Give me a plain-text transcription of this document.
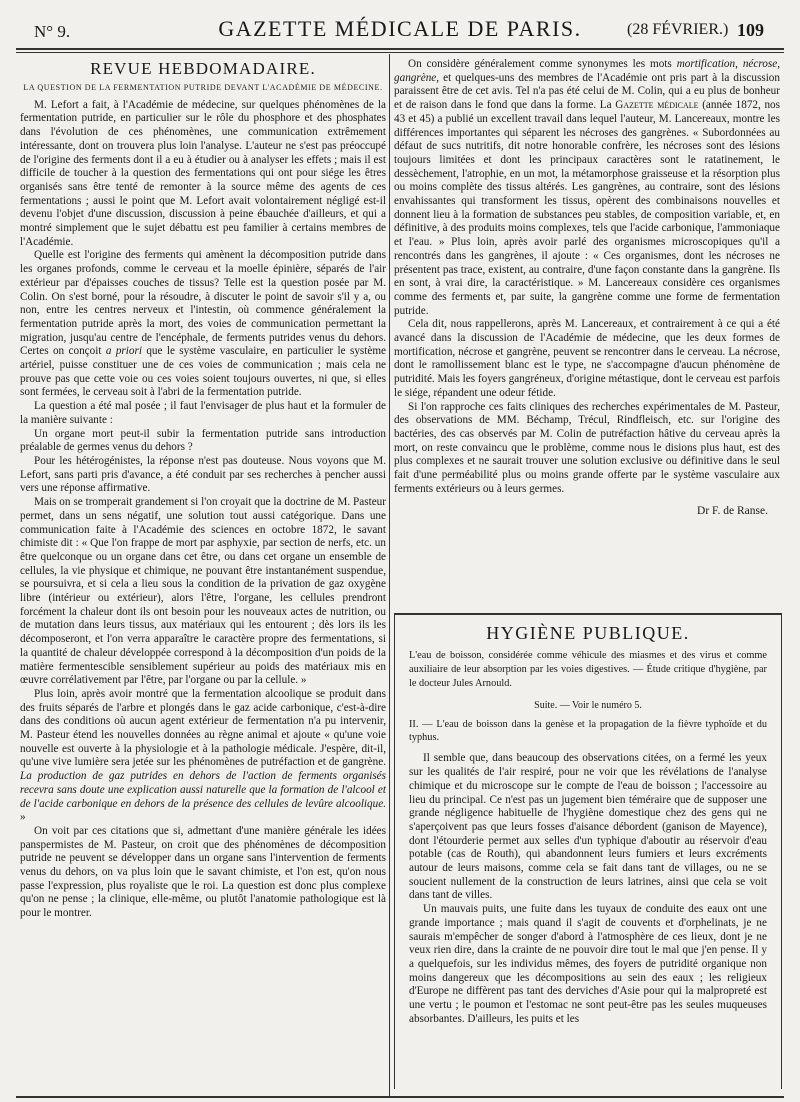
N° 9.	GAZETTE MÉDICALE DE PARIS.	(28 FÉVRIER.) 109
REVUE HEBDOMADAIRE.
LA QUESTION DE LA FERMENTATION PUTRIDE DEVANT L'ACADÉMIE DE MÉDECINE.

M. Lefort a fait, à l'Académie de médecine, sur quelques phénomènes de la fermentation putride, en particulier sur le rôle du phosphore et des phosphates dans l'évolution de ces phénomènes, une communication extrêmement intéressante, dont on trouvera plus loin l'analyse. L'auteur ne s'est pas préoccupé de l'origine des ferments dont il a eu à étudier ou à analyser les effets ; mais il est difficile de toucher à la question des fermentations qui ont pour siége les êtres organisés sans être tenté de remonter à la source même des agents de ces fermentations ; aussi le point que M. Lefort avait volontairement négligé est-il devenu l'objet d'une discussion, discussion à peine ébauchée d'ailleurs, et qui a montré simplement que le sujet débattu est peu familier à certains membres de l'Académie.

Quelle est l'origine des ferments qui amènent la décomposition putride dans les organes profonds, comme le cerveau et la moelle épinière, séparés de l'air extérieur par d'épaisses couches de tissus? Telle est la question posée par M. Colin. On s'est borné, pour la résoudre, à discuter le point de savoir s'il y a, ou non, entre les centres nerveux et l'intestin, où commence généralement la fermentation putride après la mort, des voies de communication permettant la migration, jusqu'au centre de l'encéphale, de ferments putrides venus du dehors. Certes on conçoit a priori que le système vasculaire, en particulier le système artériel, puisse constituer une de ces voies de communication ; mais cela ne prouve pas que cette voie ou ces voies soient toujours ouvertes, ni que, si elles sont fermées, le cerveau soit à l'abri de la fermentation putride.

La question a été mal posée ; il faut l'envisager de plus haut et la formuler de la manière suivante :

Un organe mort peut-il subir la fermentation putride sans introduction préalable de germes venus du dehors ?

Pour les hétérogénistes, la réponse n'est pas douteuse. Nous voyons que M. Lefort, sans parti pris d'avance, a été conduit par ses recherches à pencher aussi vers une réponse affirmative.

Mais on se tromperait grandement si l'on croyait que la doctrine de M. Pasteur permet, dans un sens négatif, une solution tout aussi catégorique. Dans une communication faite à l'Académie des sciences en octobre 1872, le savant chimiste dit : « Que l'on frappe de mort par asphyxie, par section de nerfs, etc. un être quelconque ou un organe dans cet être, ou dans cet organe un ensemble de cellules, la vie physique et chimique, ne pouvant être instantanément suspendue, se poursuivra, et si cela a lieu sous la condition de la privation de gaz oxygène libre (intérieur ou extérieur), alors l'être, l'organe, les cellules prendront forcément la chaleur dont ils ont besoin pour les nouveaux actes de nutrition, ou de mutation dans leurs tissus, aux matériaux qui les entourent ; dès lors ils les décomposeront, et l'on verra apparaître le caractère propre des fermentations, si la quantité de chaleur développée correspond à la décomposition d'un poids de la matière fermentescible sensiblement supérieur au poids des matériaux mis en œuvre corrélativement par l'être, par l'organe ou par la cellule. »

Plus loin, après avoir montré que la fermentation alcoolique se produit dans des fruits séparés de l'arbre et plongés dans le gaz acide carbonique, c'est-à-dire dans des conditions où aucun agent extérieur de fermentation n'a pu intervenir, M. Pasteur étend les nouvelles données au règne animal et ajoute « qu'une voie nouvelle est ouverte à la physiologie et à la pathologie médicale. J'espère, dit-il, qu'une vive lumière sera jetée sur les phénomènes de putréfaction et de gangrène. La production de gaz putrides en dehors de l'action de ferments organisés recevra sans doute une explication aussi naturelle que la formation de l'alcool et de l'acide carbonique en dehors de la présence des cellules de levûre alcoolique. »

On voit par ces citations que si, admettant d'une manière générale les idées panspermistes de M. Pasteur, on croit que des phénomènes de décomposition putride ne peuvent se développer dans un organe sans l'intervention de ferments venus du dehors, on va plus loin que le savant chimiste, et l'on est, qu'on nous passe l'expression, plus royaliste que le roi. La question est donc plus complexe qu'on ne pense ; la clinique, elle-même, ou plutôt l'anatomie pathologique est là pour le montrer.

On considère généralement comme synonymes les mots mortification, nécrose, gangrène, et quelques-uns des membres de l'Académie ont pris part à la discussion paraissent être de cet avis. Tel n'a pas été celui de M. Colin, qui a eu plus de bonheur et de raison dans le fond que dans la forme. La Gazette médicale (année 1872, nos 43 et 45) a publié un excellent travail dans lequel l'auteur, M. Lancereaux, montre les différences importantes qui séparent les nécroses des gangrènes. « Subordonnées au défaut de sucs nutritifs, dit notre honorable confrère, les nécroses sont des lésions toujours limitées et dont les principaux caractères sont le ratatinement, le dessèchement, l'atrophie, en un mot, la métamorphose graisseuse et la résorption plus ou moins complète des tissus altérés. Les gangrènes, au contraire, sont des lésions envahissantes qui transforment les tissus, opèrent des combinaisons nouvelles et donnent lieu à la formation de substances peu stables, de composition variable, et, en définitive, à des produits moins complexes, tels que l'acide carbonique, l'ammoniaque et l'eau. » Plus loin, après avoir parlé des organismes microscopiques qu'il a rencontrés dans les gangrènes, il ajoute : « Ces organismes, dont les nécroses ne présentent pas trace, existent, au contraire, d'une façon constante dans la gangrène. Ils en sont, à vrai dire, la caractéristique. » M. Lancereaux considère ces organismes comme des ferments et, par suite, la gangrène comme une forme de fermentation putride.

Cela dit, nous rappellerons, après M. Lancereaux, et contrairement à ce qui a été avancé dans la discussion de l'Académie de médecine, que les deux formes de mortification, nécrose et gangrène, peuvent se rencontrer dans le cerveau. La nécrose, dont le ramollissement blanc est le type, ne s'accompagne d'aucun phénomène de putridité. Mais les foyers gangréneux, d'origine métastique, dont le cerveau est parfois le siége, répandent une odeur fétide.

Si l'on rapproche ces faits cliniques des recherches expérimentales de M. Pasteur, des observations de MM. Béchamp, Trécul, Rindfleisch, etc. sur l'origine des bactéries, des cas observés par M. Colin de putréfaction hâtive du cerveau après la mort, on reste convaincu que le problème, comme nous le disions plus haut, est des plus complexes et ne saurait trouver une solution exclusive ou définitive dans le seul fait d'une perméabilité plus ou moins grande offerte par le système vasculaire aux ferments extérieurs ou à leurs germes.

Dr F. de Ranse.
HYGIÈNE PUBLIQUE.
L'eau de boisson, considérée comme véhicule des miasmes et des virus et comme auxiliaire de leur absorption par les voies digestives. — Étude critique d'hygiène, par le docteur Jules Arnould.
Suite. — Voir le numéro 5.
II. — L'eau de boisson dans la genèse et la propagation de la fièvre typhoïde et du typhus.

Il semble que, dans beaucoup des observations citées, on a fermé les yeux sur les qualités de l'air respiré, pour ne voir que les révélations de l'analyse chimique et du microscope sur le compte de l'eau de boisson ; l'accessoire au lieu du principal. Ce n'est pas un jugement bien téméraire que de supposer une grande négligence habituelle de l'hygiène domestique chez des gens qui ne s'aperçoivent pas que leurs fosses d'aisance débordent (ganison de Mayence), dont l'étourderie permet aux selles d'un typhique d'aboutir au réservoir d'eau potable (cas de Routh), qui abandonnent leurs fumiers et leurs excréments autour de leurs maisons, comme cela se fait dans tant de villages, ou ne se soucient nullement de la construction de leurs latrines, ainsi que cela se voit dans tant de villes.

Un mauvais puits, une fuite dans les tuyaux de conduite des eaux ont une grande importance ; mais quand il s'agit de couvents et d'orphelinats, je ne saurais m'empêcher de songer d'abord à l'atmosphère de ces lieux, dont je ne veux rien dire, dans la crainte de ne pouvoir dire tout le mal que j'en pense. Il y a quelquefois, sur les individus mêmes, des foyers de putridité organique non moins dangereux que les décompositions au sein des eaux ; les religieux d'Europe ne diffèrent pas tant des derviches d'Asie pour qui la malpropreté est une vertu ; le poumon et l'estomac ne sont peut-être pas les seules muqueuses absorbantes. D'ailleurs, les puits et les
